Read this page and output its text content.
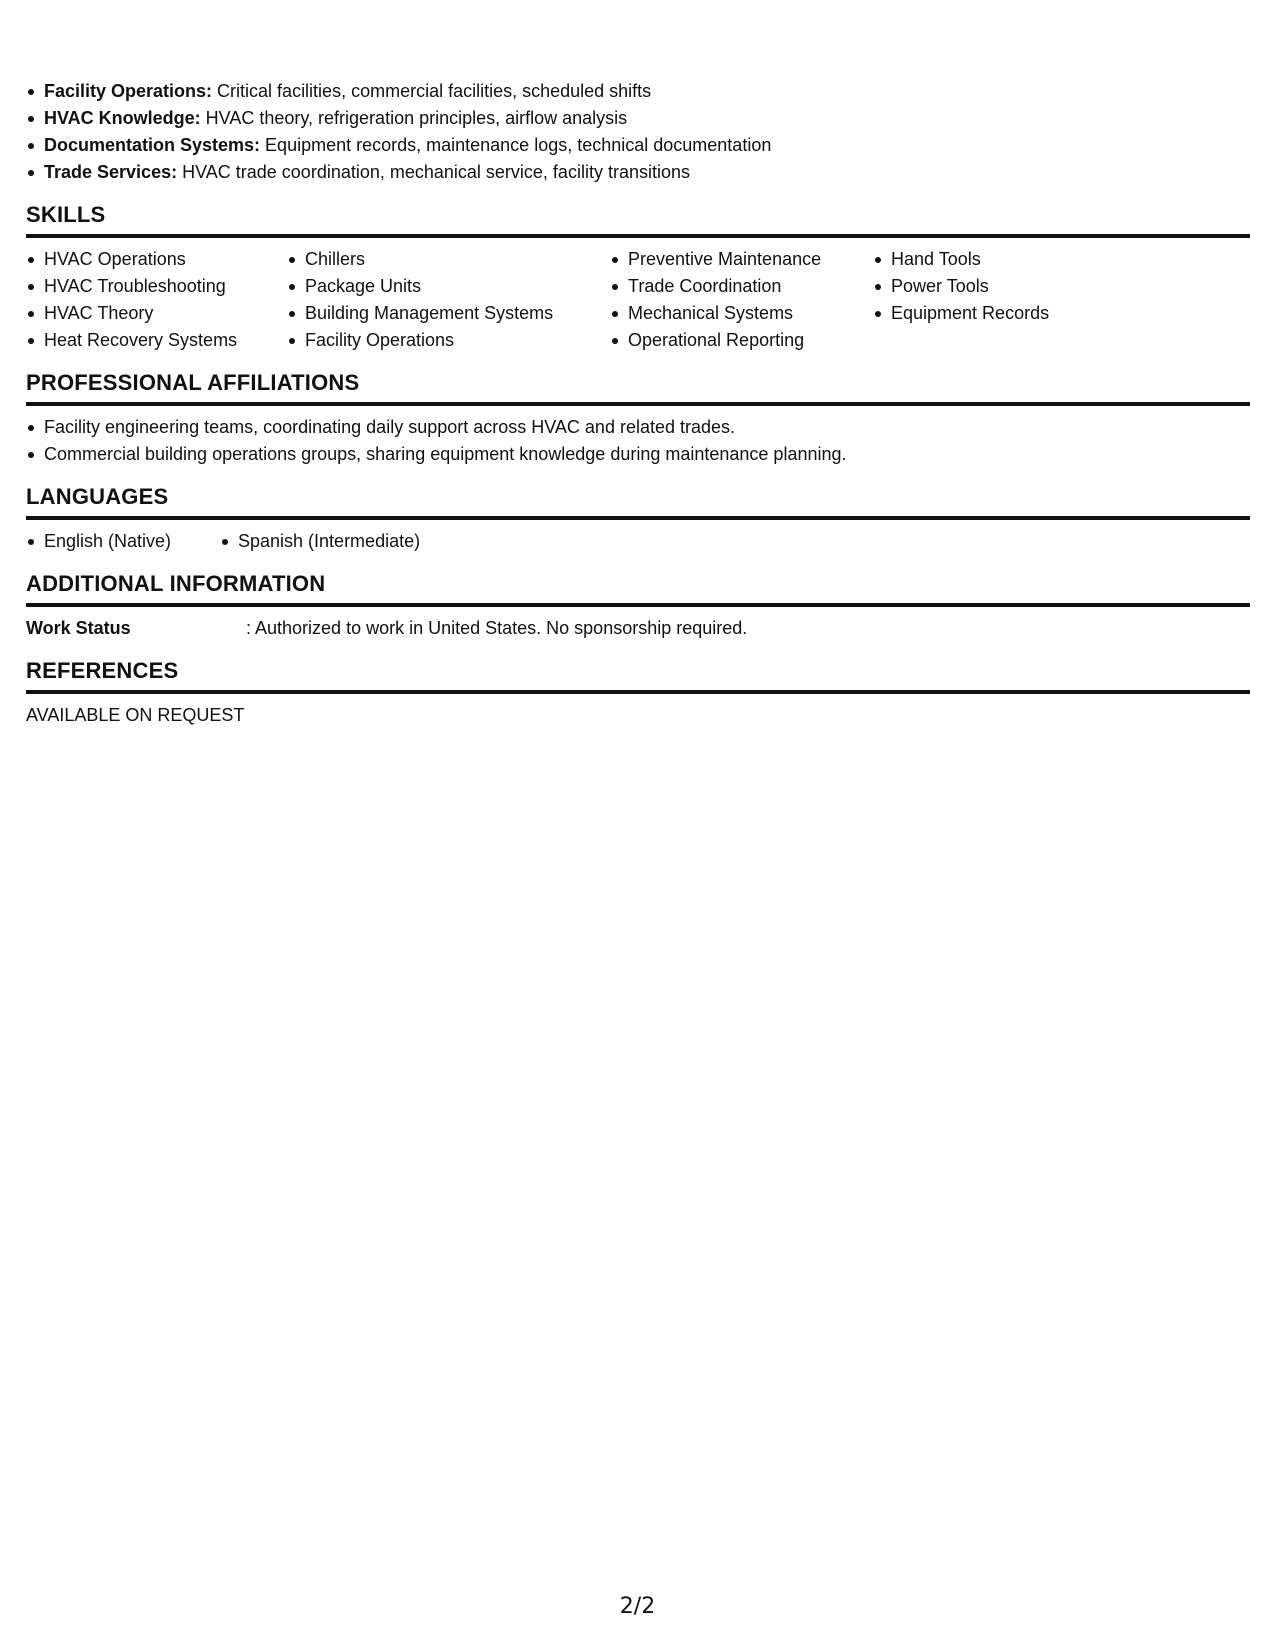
Facility Operations: Critical facilities, commercial facilities, scheduled shifts
HVAC Knowledge: HVAC theory, refrigeration principles, airflow analysis
Documentation Systems: Equipment records, maintenance logs, technical documentation
Trade Services: HVAC trade coordination, mechanical service, facility transitions
SKILLS
HVAC Operations
HVAC Troubleshooting
HVAC Theory
Heat Recovery Systems
Chillers
Package Units
Building Management Systems
Facility Operations
Preventive Maintenance
Trade Coordination
Mechanical Systems
Operational Reporting
Hand Tools
Power Tools
Equipment Records
PROFESSIONAL AFFILIATIONS
Facility engineering teams, coordinating daily support across HVAC and related trades.
Commercial building operations groups, sharing equipment knowledge during maintenance planning.
LANGUAGES
English (Native)	Spanish (Intermediate)
ADDITIONAL INFORMATION
Work Status	: Authorized to work in United States. No sponsorship required.
REFERENCES
AVAILABLE ON REQUEST
2/2
